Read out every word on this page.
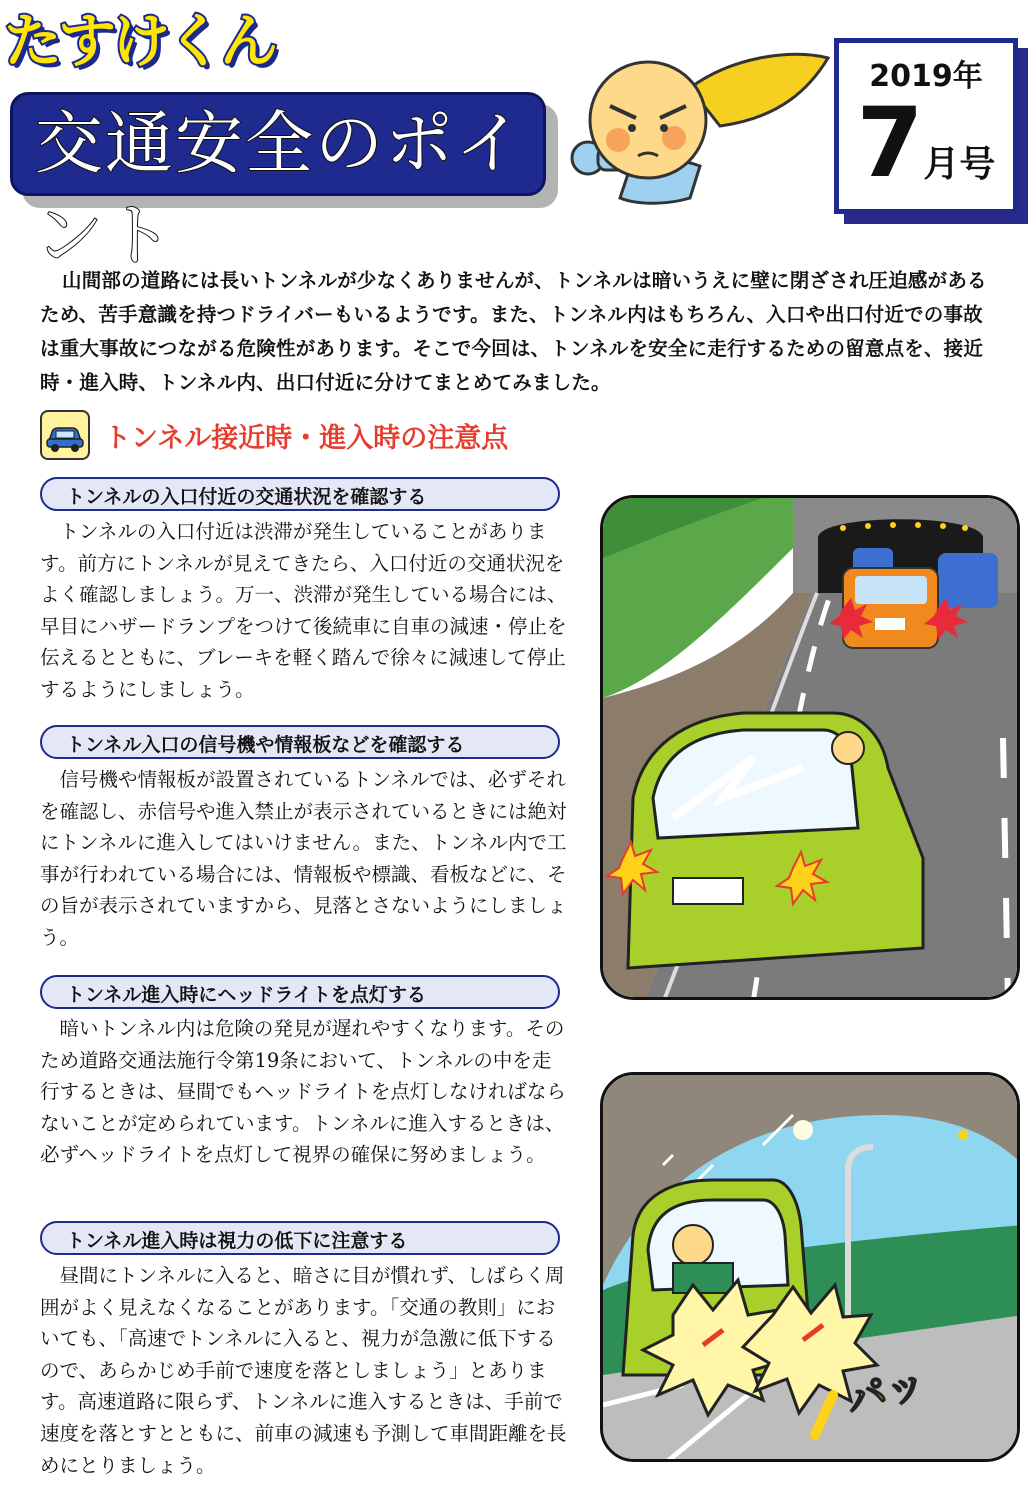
たすけくん
交通安全のポイント
2019年
7月号
山間部の道路には長いトンネルが少なくありませんが、トンネルは暗いうえに壁に閉ざされ圧迫感があるため、苦手意識を持つドライバーもいるようです。また、トンネル内はもちろん、入口や出口付近での事故は重大事故につながる危険性があります。そこで今回は、トンネルを安全に走行するための留意点を、接近時・進入時、トンネル内、出口付近に分けてまとめてみました。
トンネル接近時・進入時の注意点
トンネルの入口付近の交通状況を確認する
　トンネルの入口付近は渋滞が発生していることがあります。前方にトンネルが見えてきたら、入口付近の交通状況をよく確認しましょう。万一、渋滞が発生している場合には、早目にハザードランプをつけて後続車に自車の減速・停止を伝えるとともに、ブレーキを軽く踏んで徐々に減速して停止するようにしましょう。
トンネル入口の信号機や情報板などを確認する
　信号機や情報板が設置されているトンネルでは、必ずそれを確認し、赤信号や進入禁止が表示されているときには絶対にトンネルに進入してはいけません。また、トンネル内で工事が行われている場合には、情報板や標識、看板などに、その旨が表示されていますから、見落とさないようにしましょう。
トンネル進入時にヘッドライトを点灯する
　暗いトンネル内は危険の発見が遅れやすくなります。そのため道路交通法施行令第19条において、トンネルの中を走行するときは、昼間でもヘッドライトを点灯しなければならないことが定められています。トンネルに進入するときは、必ずヘッドライトを点灯して視界の確保に努めましょう。
トンネル進入時は視力の低下に注意する
　昼間にトンネルに入ると、暗さに目が慣れず、しばらく周囲がよく見えなくなることがあります。「交通の教則」においても、「高速でトンネルに入ると、視力が急激に低下するので、あらかじめ手前で速度を落としましょう」とあります。高速道路に限らず、トンネルに進入するときは、手前で速度を落とすとともに、前車の減速も予測して車間距離を長めにとりましょう。
パッ
